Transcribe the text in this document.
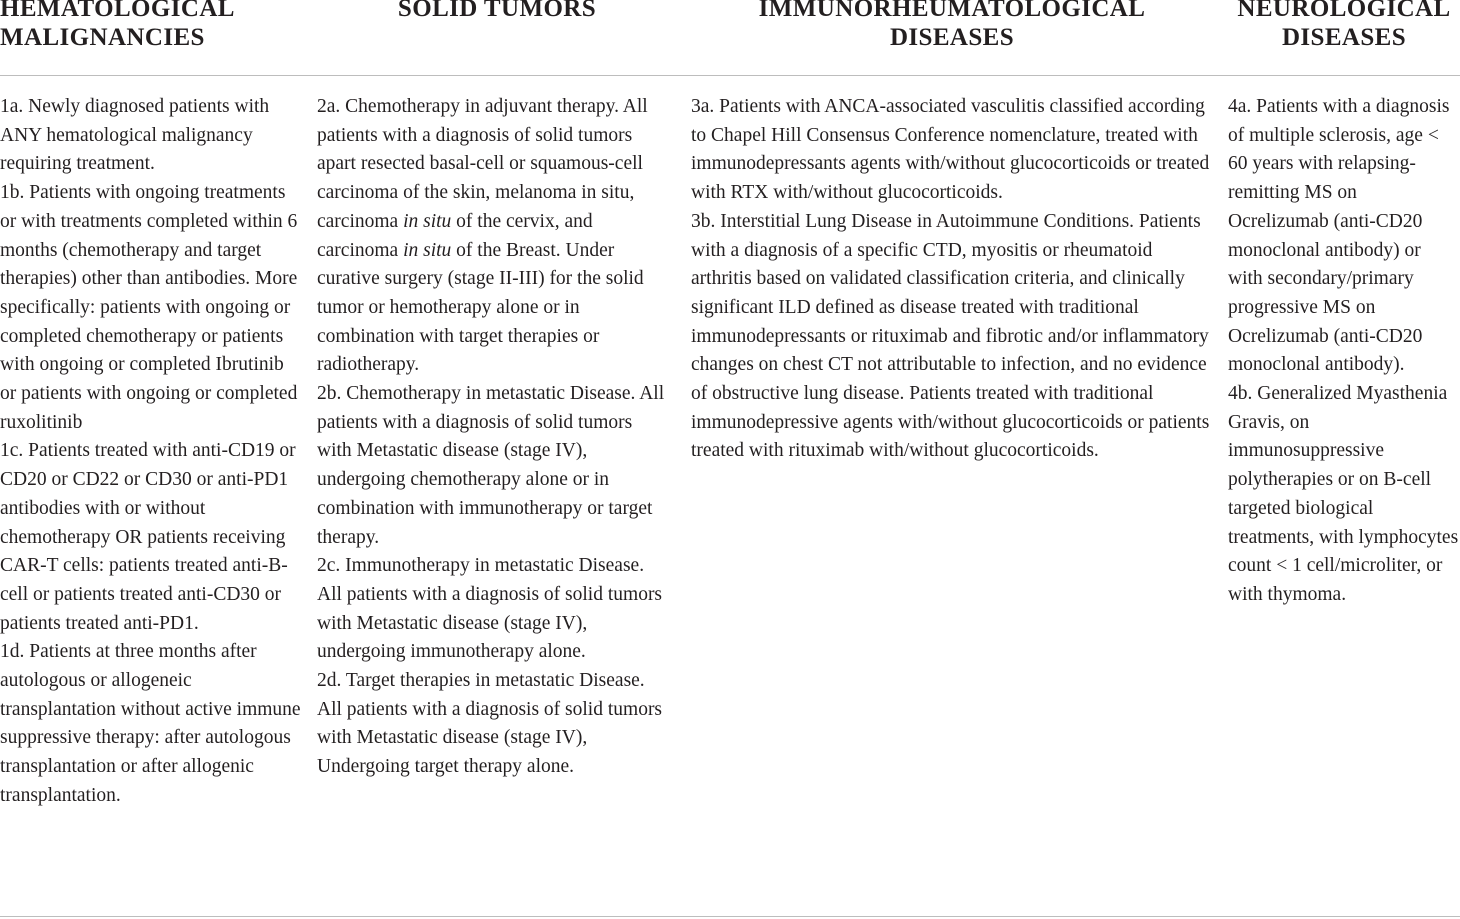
HEMATOLOGICAL
MALIGNANCIES

1a. Newly diagnosed patients with ANY hematological malignancy requiring treatment.

1b. Patients with ongoing treatments or with treatments completed within 6 months (chemotherapy and target therapies) other than antibodies. More specifically: patients with ongoing or completed chemotherapy or patients with ongoing or completed Ibrutinib or patients with ongoing or completed ruxolitinib

1c. Patients treated with anti-CD19 or CD20 or CD22 or CD30 or anti-PD1 antibodies with or without chemotherapy OR patients receiving CAR-T cells: patients treated anti-B-cell or patients treated anti-CD30 or patients treated anti-PD1.

1d. Patients at three months after autologous or allogeneic transplantation without active immune suppressive therapy: after autologous transplantation or after allogenic transplantation.

SOLID TUMORS

2a. Chemotherapy in adjuvant therapy. All patients with a diagnosis of solid tumors apart resected basal-cell or squamous-cell carcinoma of the skin, melanoma in situ, carcinoma in situ of the cervix, and carcinoma in situ of the Breast. Under curative surgery (stage II-III) for the solid tumor or hemotherapy alone or in combination with target therapies or radiotherapy.

2b. Chemotherapy in metastatic Disease. All patients with a diagnosis of solid tumors with Metastatic disease (stage IV), undergoing chemotherapy alone or in combination with immunotherapy or target therapy.

2c. Immunotherapy in metastatic Disease. All patients with a diagnosis of solid tumors with Metastatic disease (stage IV), undergoing immunotherapy alone.

2d. Target therapies in metastatic Disease. All patients with a diagnosis of solid tumors with Metastatic disease (stage IV), Undergoing target therapy alone.

IMMUNORHEUMATOLOGICAL
DISEASES

3a. Patients with ANCA-associated vasculitis classified according to Chapel Hill Consensus Conference nomenclature, treated with immunodepressants agents with/without glucocorticoids or treated with RTX with/without glucocorticoids.

3b. Interstitial Lung Disease in Autoimmune Conditions. Patients with a diagnosis of a specific CTD, myositis or rheumatoid arthritis based on validated classification criteria, and clinically significant ILD defined as disease treated with traditional immunodepressants or rituximab and fibrotic and/or inflammatory changes on chest CT not attributable to infection, and no evidence of obstructive lung disease. Patients treated with traditional immunodepressive agents with/without glucocorticoids or patients treated with rituximab with/without glucocorticoids.

NEUROLOGICAL
DISEASES

4a. Patients with a diagnosis of multiple sclerosis, age < 60 years with relapsing-remitting MS on Ocrelizumab (anti-CD20 monoclonal antibody) or with secondary/primary progressive MS on Ocrelizumab (anti-CD20 monoclonal antibody).

4b. Generalized Myasthenia Gravis, on immunosuppressive polytherapies or on B-cell targeted biological treatments, with lymphocytes count < 1 cell/microliter, or with thymoma.
